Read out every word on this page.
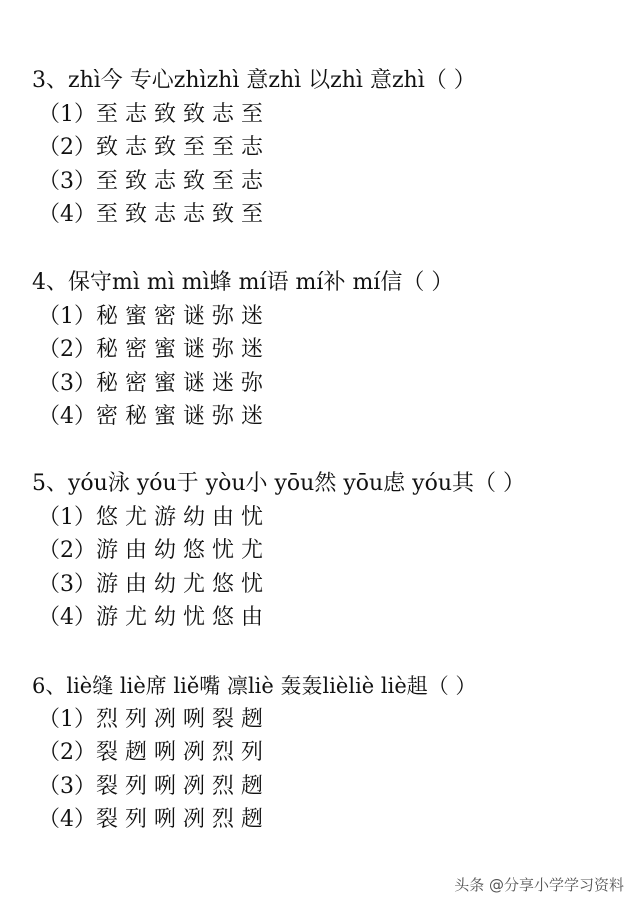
3、zhì今 专心zhìzhì 意zhì 以zhì 意zhì（ ）
（1）至 志 致 致 志 至
（2）致 志 致 至 至 志
（3）至 致 志 致 至 志
（4）至 致 志 志 致 至
4、保守mì mì mì蜂 mí语 mí补 mí信（ ）
（1）秘 蜜 密 谜 弥 迷
（2）秘 密 蜜 谜 弥 迷
（3）秘 密 蜜 谜 迷 弥
（4）密 秘 蜜 谜 弥 迷
5、yóu泳 yóu于 yòu小 yōu然 yōu虑 yóu其（ ）
（1）悠 尤 游 幼 由 忧
（2）游 由 幼 悠 忧 尤
（3）游 由 幼 尤 悠 忧
（4）游 尤 幼 忧 悠 由
6、liè缝 liè席 liě嘴 凛liè 轰轰lièliè liè趄（ ）
（1）烈 列 冽 咧 裂 趔
（2）裂 趔 咧 冽 烈 列
（3）裂 列 咧 冽 烈 趔
（4）裂 列 咧 冽 烈 趔
头条 @分享小学学习资料
